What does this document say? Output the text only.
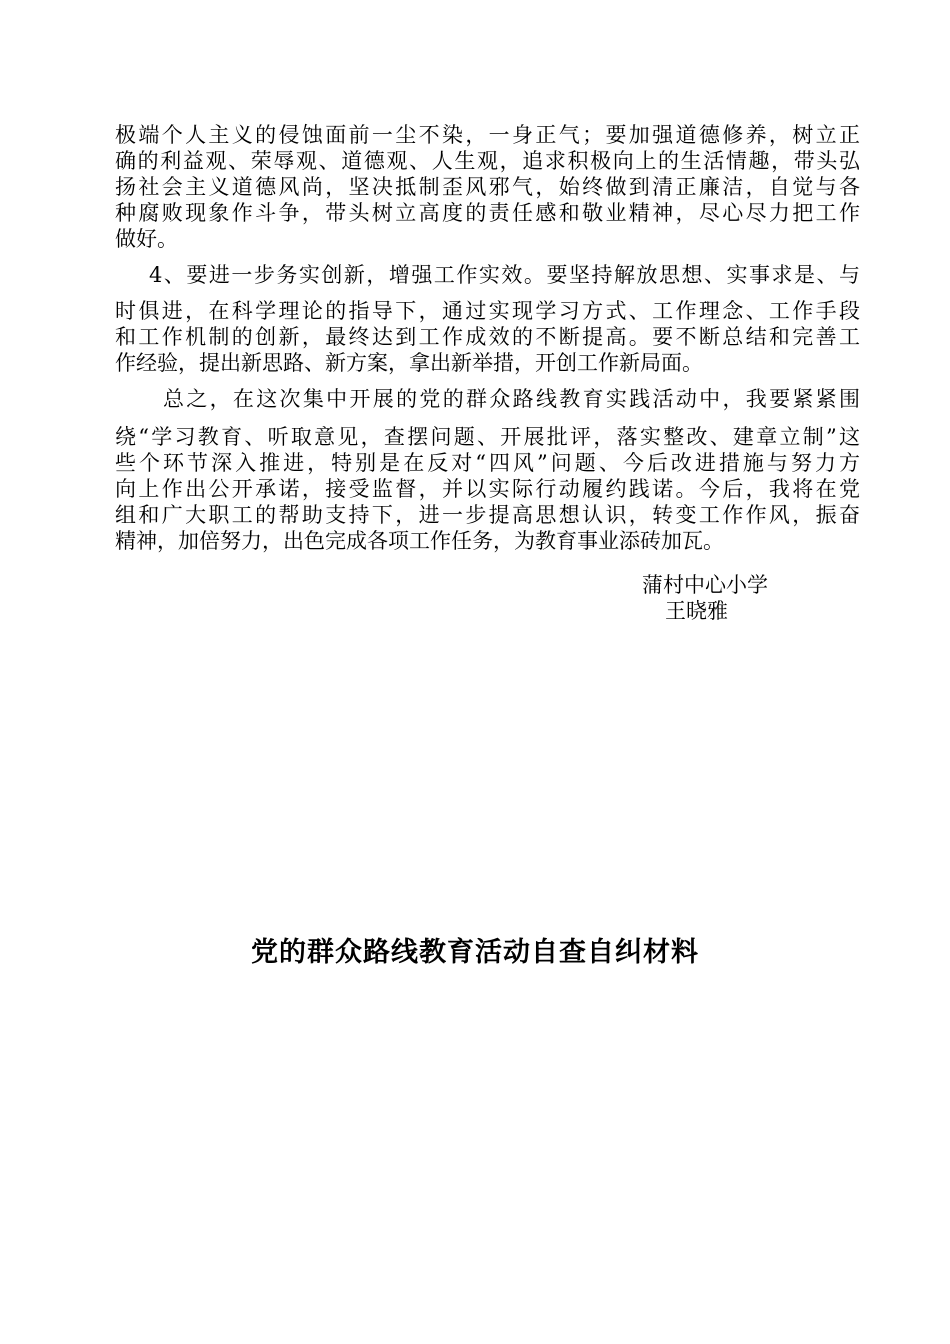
极端个人主义的侵蚀面前一尘不染，一身正气；要加强道德修养，树立正
确的利益观、荣辱观、道德观、人生观，追求积极向上的生活情趣，带头弘
扬社会主义道德风尚，坚决抵制歪风邪气，始终做到清正廉洁，自觉与各
种腐败现象作斗争，带头树立高度的责任感和敬业精神，尽心尽力把工作
做好。
4、要进一步务实创新，增强工作实效。要坚持解放思想、实事求是、与
时俱进，在科学理论的指导下，通过实现学习方式、工作理念、工作手段
和工作机制的创新，最终达到工作成效的不断提高。要不断总结和完善工
作经验，提出新思路、新方案，拿出新举措，开创工作新局面。
总之，在这次集中开展的党的群众路线教育实践活动中，我要紧紧围
绕“学习教育、听取意见，查摆问题、开展批评，落实整改、建章立制”这
些个环节深入推进，特别是在反对“四风”问题、今后改进措施与努力方
向上作出公开承诺，接受监督，并以实际行动履约践诺。今后，我将在党
组和广大职工的帮助支持下，进一步提高思想认识，转变工作作风，振奋
精神，加倍努力，出色完成各项工作任务，为教育事业添砖加瓦。
蒲村中心小学
王晓雅
党的群众路线教育活动自查自纠材料
